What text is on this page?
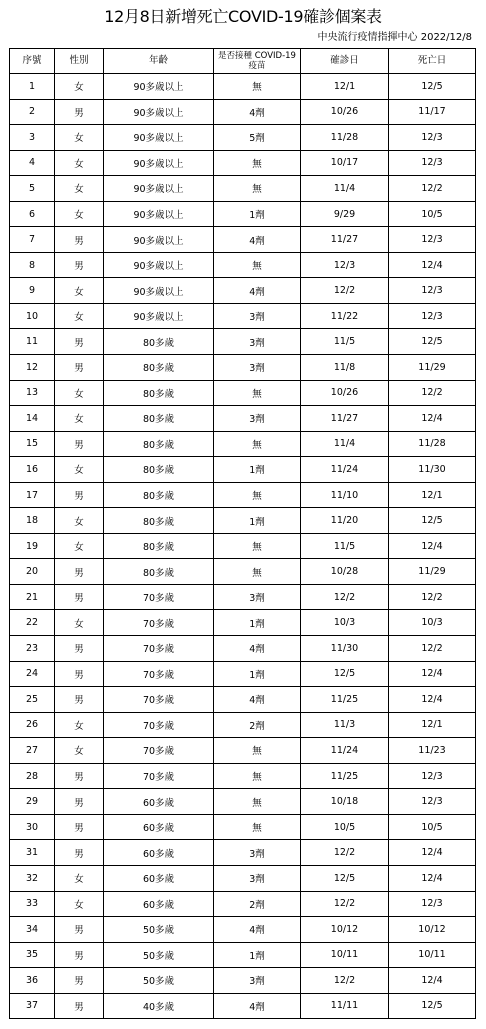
12月8日新增死亡COVID-19確診個案表
中央流行疫情指揮中心 2022/12/8
序號	性別	年齡	是否接種 COVID-19疫苗	確診日	死亡日
1	女	90多歲以上	無	12/1	12/5
2	男	90多歲以上	4劑	10/26	11/17
3	女	90多歲以上	5劑	11/28	12/3
4	女	90多歲以上	無	10/17	12/3
5	女	90多歲以上	無	11/4	12/2
6	女	90多歲以上	1劑	9/29	10/5
7	男	90多歲以上	4劑	11/27	12/3
8	男	90多歲以上	無	12/3	12/4
9	女	90多歲以上	4劑	12/2	12/3
10	女	90多歲以上	3劑	11/22	12/3
11	男	80多歲	3劑	11/5	12/5
12	男	80多歲	3劑	11/8	11/29
13	女	80多歲	無	10/26	12/2
14	女	80多歲	3劑	11/27	12/4
15	男	80多歲	無	11/4	11/28
16	女	80多歲	1劑	11/24	11/30
17	男	80多歲	無	11/10	12/1
18	女	80多歲	1劑	11/20	12/5
19	女	80多歲	無	11/5	12/4
20	男	80多歲	無	10/28	11/29
21	男	70多歲	3劑	12/2	12/2
22	女	70多歲	1劑	10/3	10/3
23	男	70多歲	4劑	11/30	12/2
24	男	70多歲	1劑	12/5	12/4
25	男	70多歲	4劑	11/25	12/4
26	女	70多歲	2劑	11/3	12/1
27	女	70多歲	無	11/24	11/23
28	男	70多歲	無	11/25	12/3
29	男	60多歲	無	10/18	12/3
30	男	60多歲	無	10/5	10/5
31	男	60多歲	3劑	12/2	12/4
32	女	60多歲	3劑	12/5	12/4
33	女	60多歲	2劑	12/2	12/3
34	男	50多歲	4劑	10/12	10/12
35	男	50多歲	1劑	10/11	10/11
36	男	50多歲	3劑	12/2	12/4
37	男	40多歲	4劑	11/11	12/5
